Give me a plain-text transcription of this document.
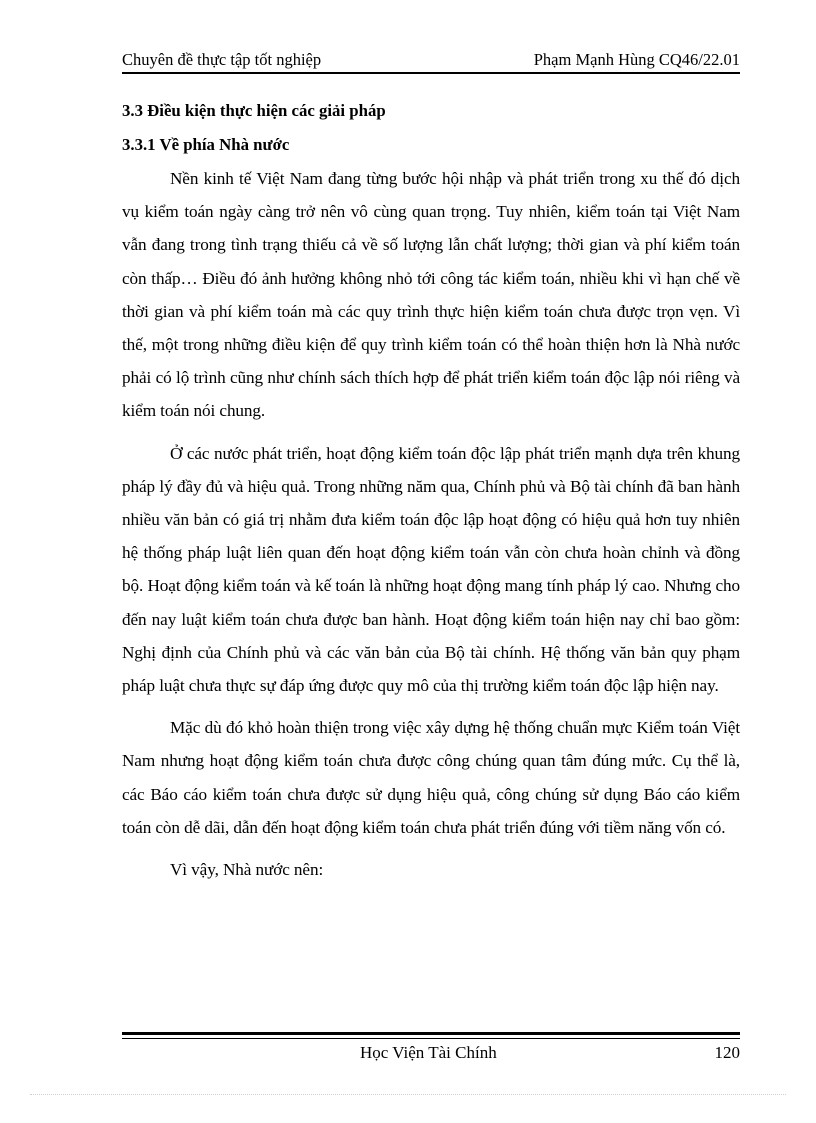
Chuyên đề thực tập tốt nghiệp	Phạm Mạnh Hùng CQ46/22.01

3.3 Điều kiện thực hiện các giải pháp

3.3.1 Về phía Nhà nước

Nền kinh tế Việt Nam đang từng bước hội nhập và phát triển trong xu thế đó dịch vụ kiểm toán ngày càng trở nên vô cùng quan trọng. Tuy nhiên, kiểm toán tại Việt Nam vẫn đang trong tình trạng thiếu cả về số lượng lẫn chất lượng; thời gian và phí kiểm toán còn thấp… Điều đó ảnh hưởng không nhỏ tới công tác kiểm toán, nhiều khi vì hạn chế về thời gian và phí kiểm toán mà các quy trình thực hiện kiểm toán chưa được trọn vẹn. Vì thế, một trong những điều kiện để quy trình kiểm toán có thể hoàn thiện hơn là Nhà nước phải có lộ trình cũng như chính sách thích hợp để phát triển kiểm toán độc lập nói riêng và kiểm toán nói chung.

Ở các nước phát triển, hoạt động kiểm toán độc lập phát triển mạnh dựa trên khung pháp lý đầy đủ và hiệu quả. Trong những năm qua, Chính phủ và Bộ tài chính đã ban hành nhiều văn bản có giá trị nhằm đưa kiểm toán độc lập hoạt động có hiệu quả hơn tuy nhiên hệ thống pháp luật liên quan đến hoạt động kiểm toán vẫn còn chưa hoàn chỉnh và đồng bộ. Hoạt động kiểm toán và kế toán là những hoạt động mang tính pháp lý cao. Nhưng cho đến nay luật kiểm toán chưa được ban hành. Hoạt động kiểm toán hiện nay chỉ bao gồm: Nghị định của Chính phủ và các văn bản của Bộ tài chính. Hệ thống văn bản quy phạm pháp luật chưa thực sự đáp ứng được quy mô của thị trường kiểm toán độc lập hiện nay.

Mặc dù đó khỏ hoàn thiện trong việc xây dựng hệ thống chuẩn mực Kiểm toán Việt Nam nhưng hoạt động kiểm toán chưa được công chúng quan tâm đúng mức. Cụ thể là, các Báo cáo kiểm toán chưa được sử dụng hiệu quả, công chúng sử dụng Báo cáo kiểm toán còn dễ dãi, dẫn đến hoạt động kiểm toán chưa phát triển đúng với tiềm năng vốn có.

Vì vậy, Nhà nước nên:

Học Viện Tài Chính	120
